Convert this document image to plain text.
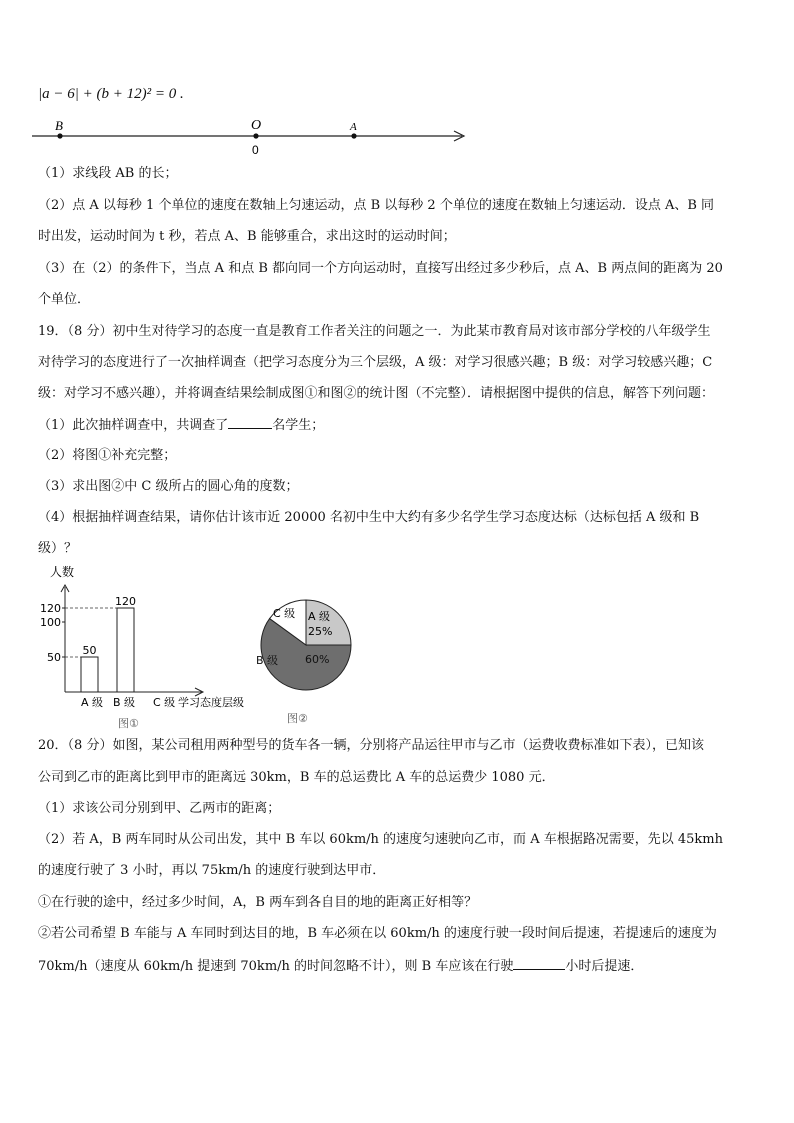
|a − 6| + (b + 12)² = 0 .
B	O	A
0
（1）求线段 AB 的长；
（2）点 A 以每秒 1 个单位的速度在数轴上匀速运动，点 B 以每秒 2 个单位的速度在数轴上匀速运动．设点 A、B 同
时出发，运动时间为 t 秒，若点 A、B 能够重合，求出这时的运动时间；
（3）在（2）的条件下，当点 A 和点 B 都向同一个方向运动时，直接写出经过多少秒后，点 A、B 两点间的距离为 20
个单位．
19．（8 分）初中生对待学习的态度一直是教育工作者关注的问题之一．为此某市教育局对该市部分学校的八年级学生
对待学习的态度进行了一次抽样调查（把学习态度分为三个层级，A 级：对学习很感兴趣；B 级：对学习较感兴趣；C
级：对学习不感兴趣），并将调查结果绘制成图①和图②的统计图（不完整）．请根据图中提供的信息，解答下列问题：
（1）此次抽样调查中，共调查了	名学生；
（2）将图①补充完整；
（3）求出图②中 C 级所占的圆心角的度数；
（4）根据抽样调查结果，请你估计该市近 20000 名初中生中大约有多少名学生学习态度达标（达标包括 A 级和 B
级）？
人数
50
120
50
100
120
A 级 B 级 C 级 学习态度层级
图①
C 级 A 级
25%
B 级 60%
图②
20．（8 分）如图，某公司租用两种型号的货车各一辆，分别将产品运往甲市与乙市（运费收费标准如下表），已知该
公司到乙市的距离比到甲市的距离远 30km，B 车的总运费比 A 车的总运费少 1080 元．
（1）求该公司分别到甲、乙两市的距离；
（2）若 A，B 两车同时从公司出发，其中 B 车以 60km/h 的速度匀速驶向乙市，而 A 车根据路况需要，先以 45kmh
的速度行驶了 3 小时，再以 75km/h 的速度行驶到达甲市．
①在行驶的途中，经过多少时间，A，B 两车到各自目的地的距离正好相等？
②若公司希望 B 车能与 A 车同时到达目的地，B 车必须在以 60km/h 的速度行驶一段时间后提速，若提速后的速度为
70km/h（速度从 60km/h 提速到 70km/h 的时间忽略不计），则 B 车应该在行驶	小时后提速．
